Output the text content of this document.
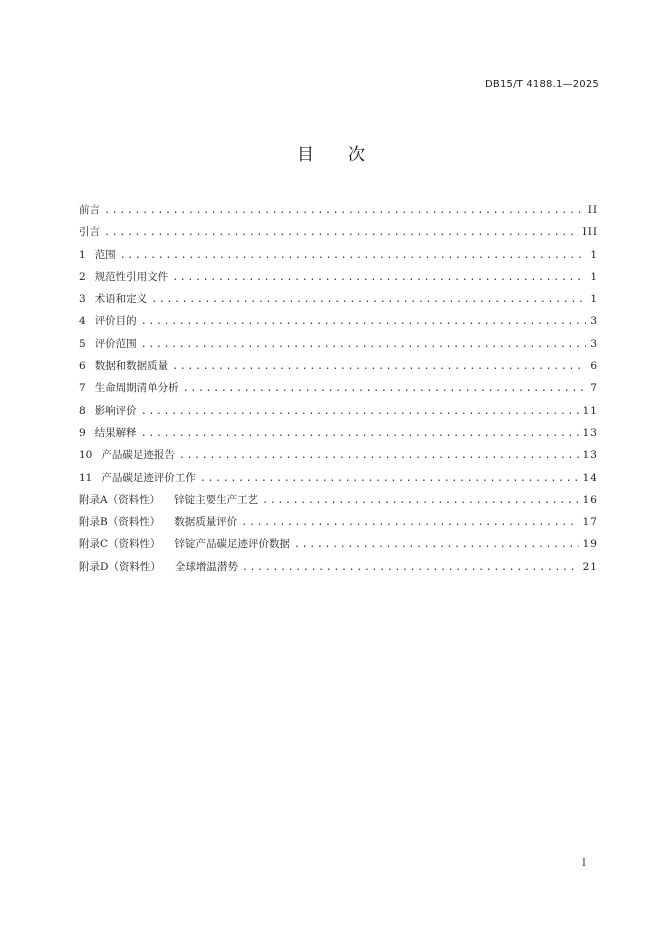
DB15/T 4188.1—2025
目次
前言 .....	II
引言 .....	III
1 范围 .....	1
2 规范性引用文件 .....	1
3 术语和定义 .....	1
4 评价目的 .....	3
5 评价范围 .....	3
6 数据和数据质量 .....	6
7 生命周期清单分析 .....	7
8 影响评价 .....	11
9 结果解释 .....	13
10 产品碳足迹报告 .....	13
11 产品碳足迹评价工作 .....	14
附录A（资料性） 锌锭主要生产工艺 .....	16
附录B（资料性） 数据质量评价 .....	17
附录C（资料性） 锌锭产品碳足迹评价数据 .....	19
附录D（资料性） 全球增温潜势 .....	21
I
